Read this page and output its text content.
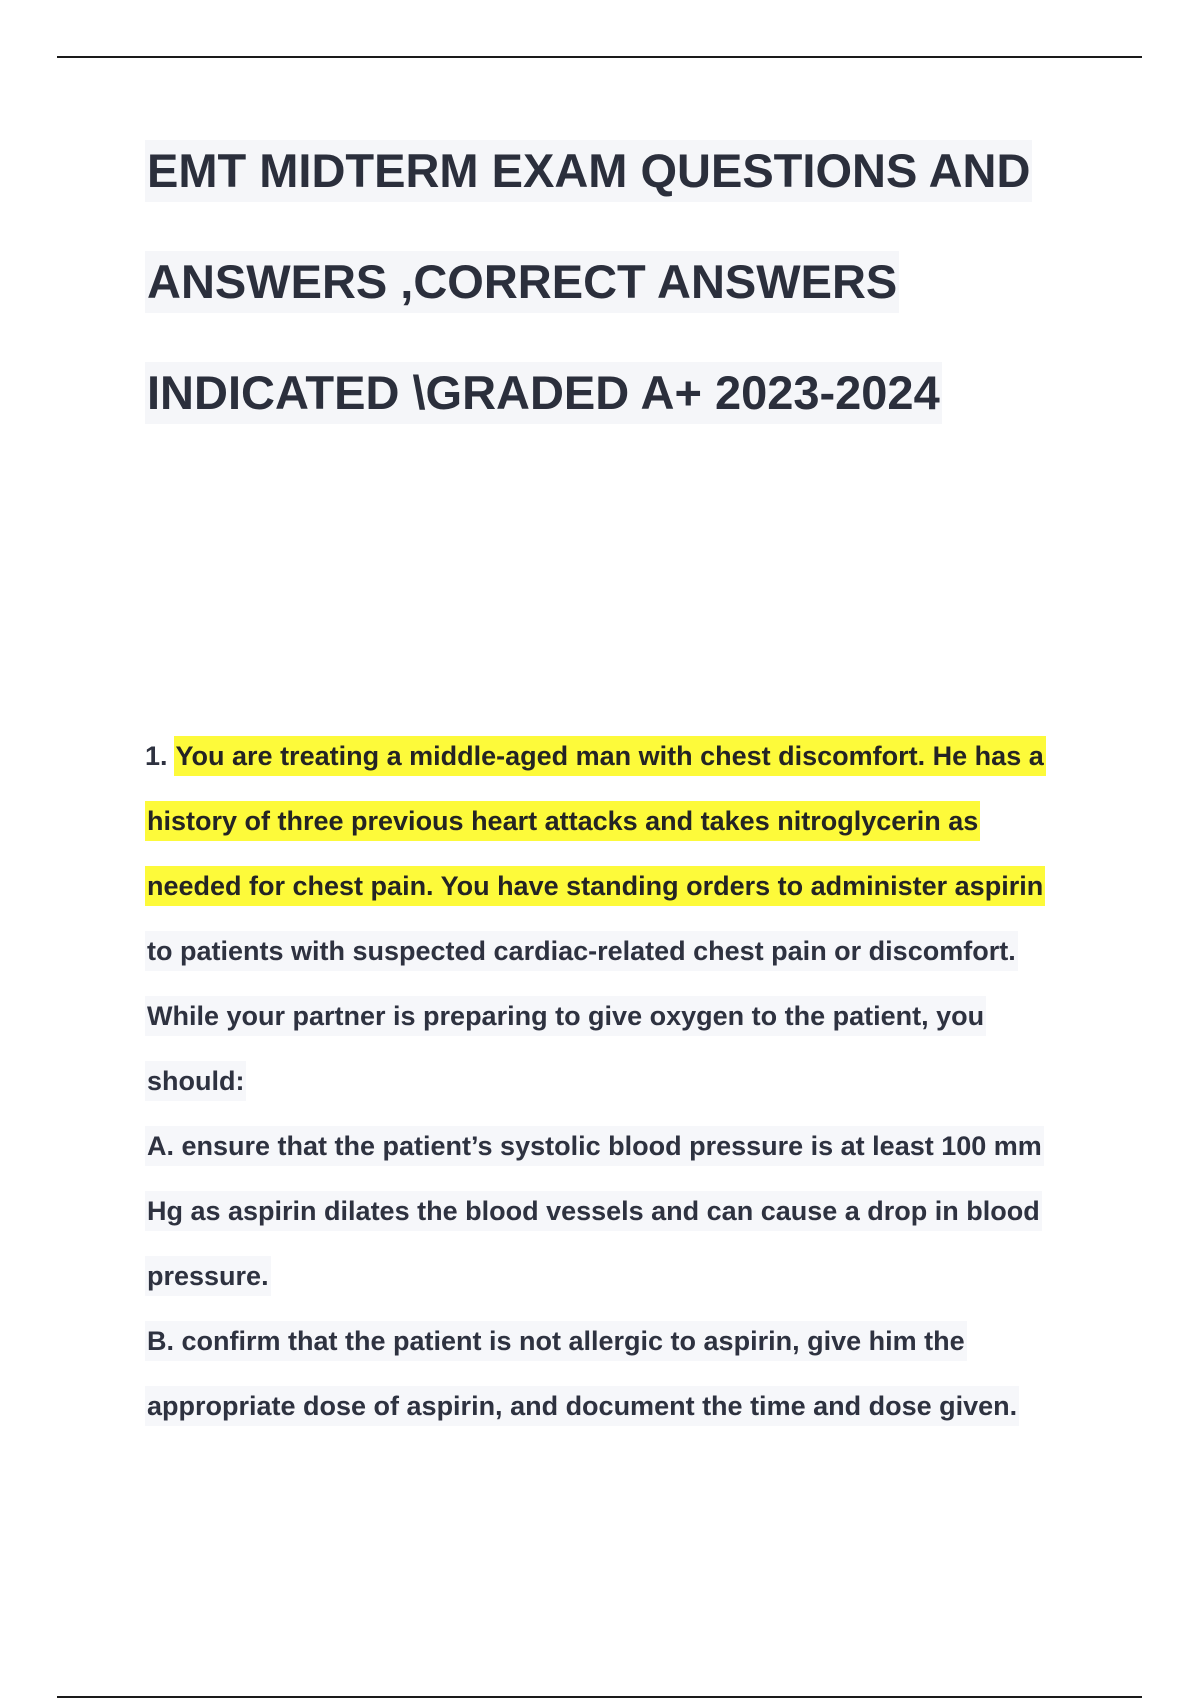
EMT MIDTERM EXAM QUESTIONS AND
ANSWERS ,CORRECT ANSWERS
INDICATED \GRADED A+ 2023-2024
1. You are treating a middle-aged man with chest discomfort. He has a
history of three previous heart attacks and takes nitroglycerin as
needed for chest pain. You have standing orders to administer aspirin
to patients with suspected cardiac-related chest pain or discomfort.
While your partner is preparing to give oxygen to the patient, you
should:
A. ensure that the patient’s systolic blood pressure is at least 100 mm
Hg as aspirin dilates the blood vessels and can cause a drop in blood
pressure.
B. confirm that the patient is not allergic to aspirin, give him the
appropriate dose of aspirin, and document the time and dose given.
